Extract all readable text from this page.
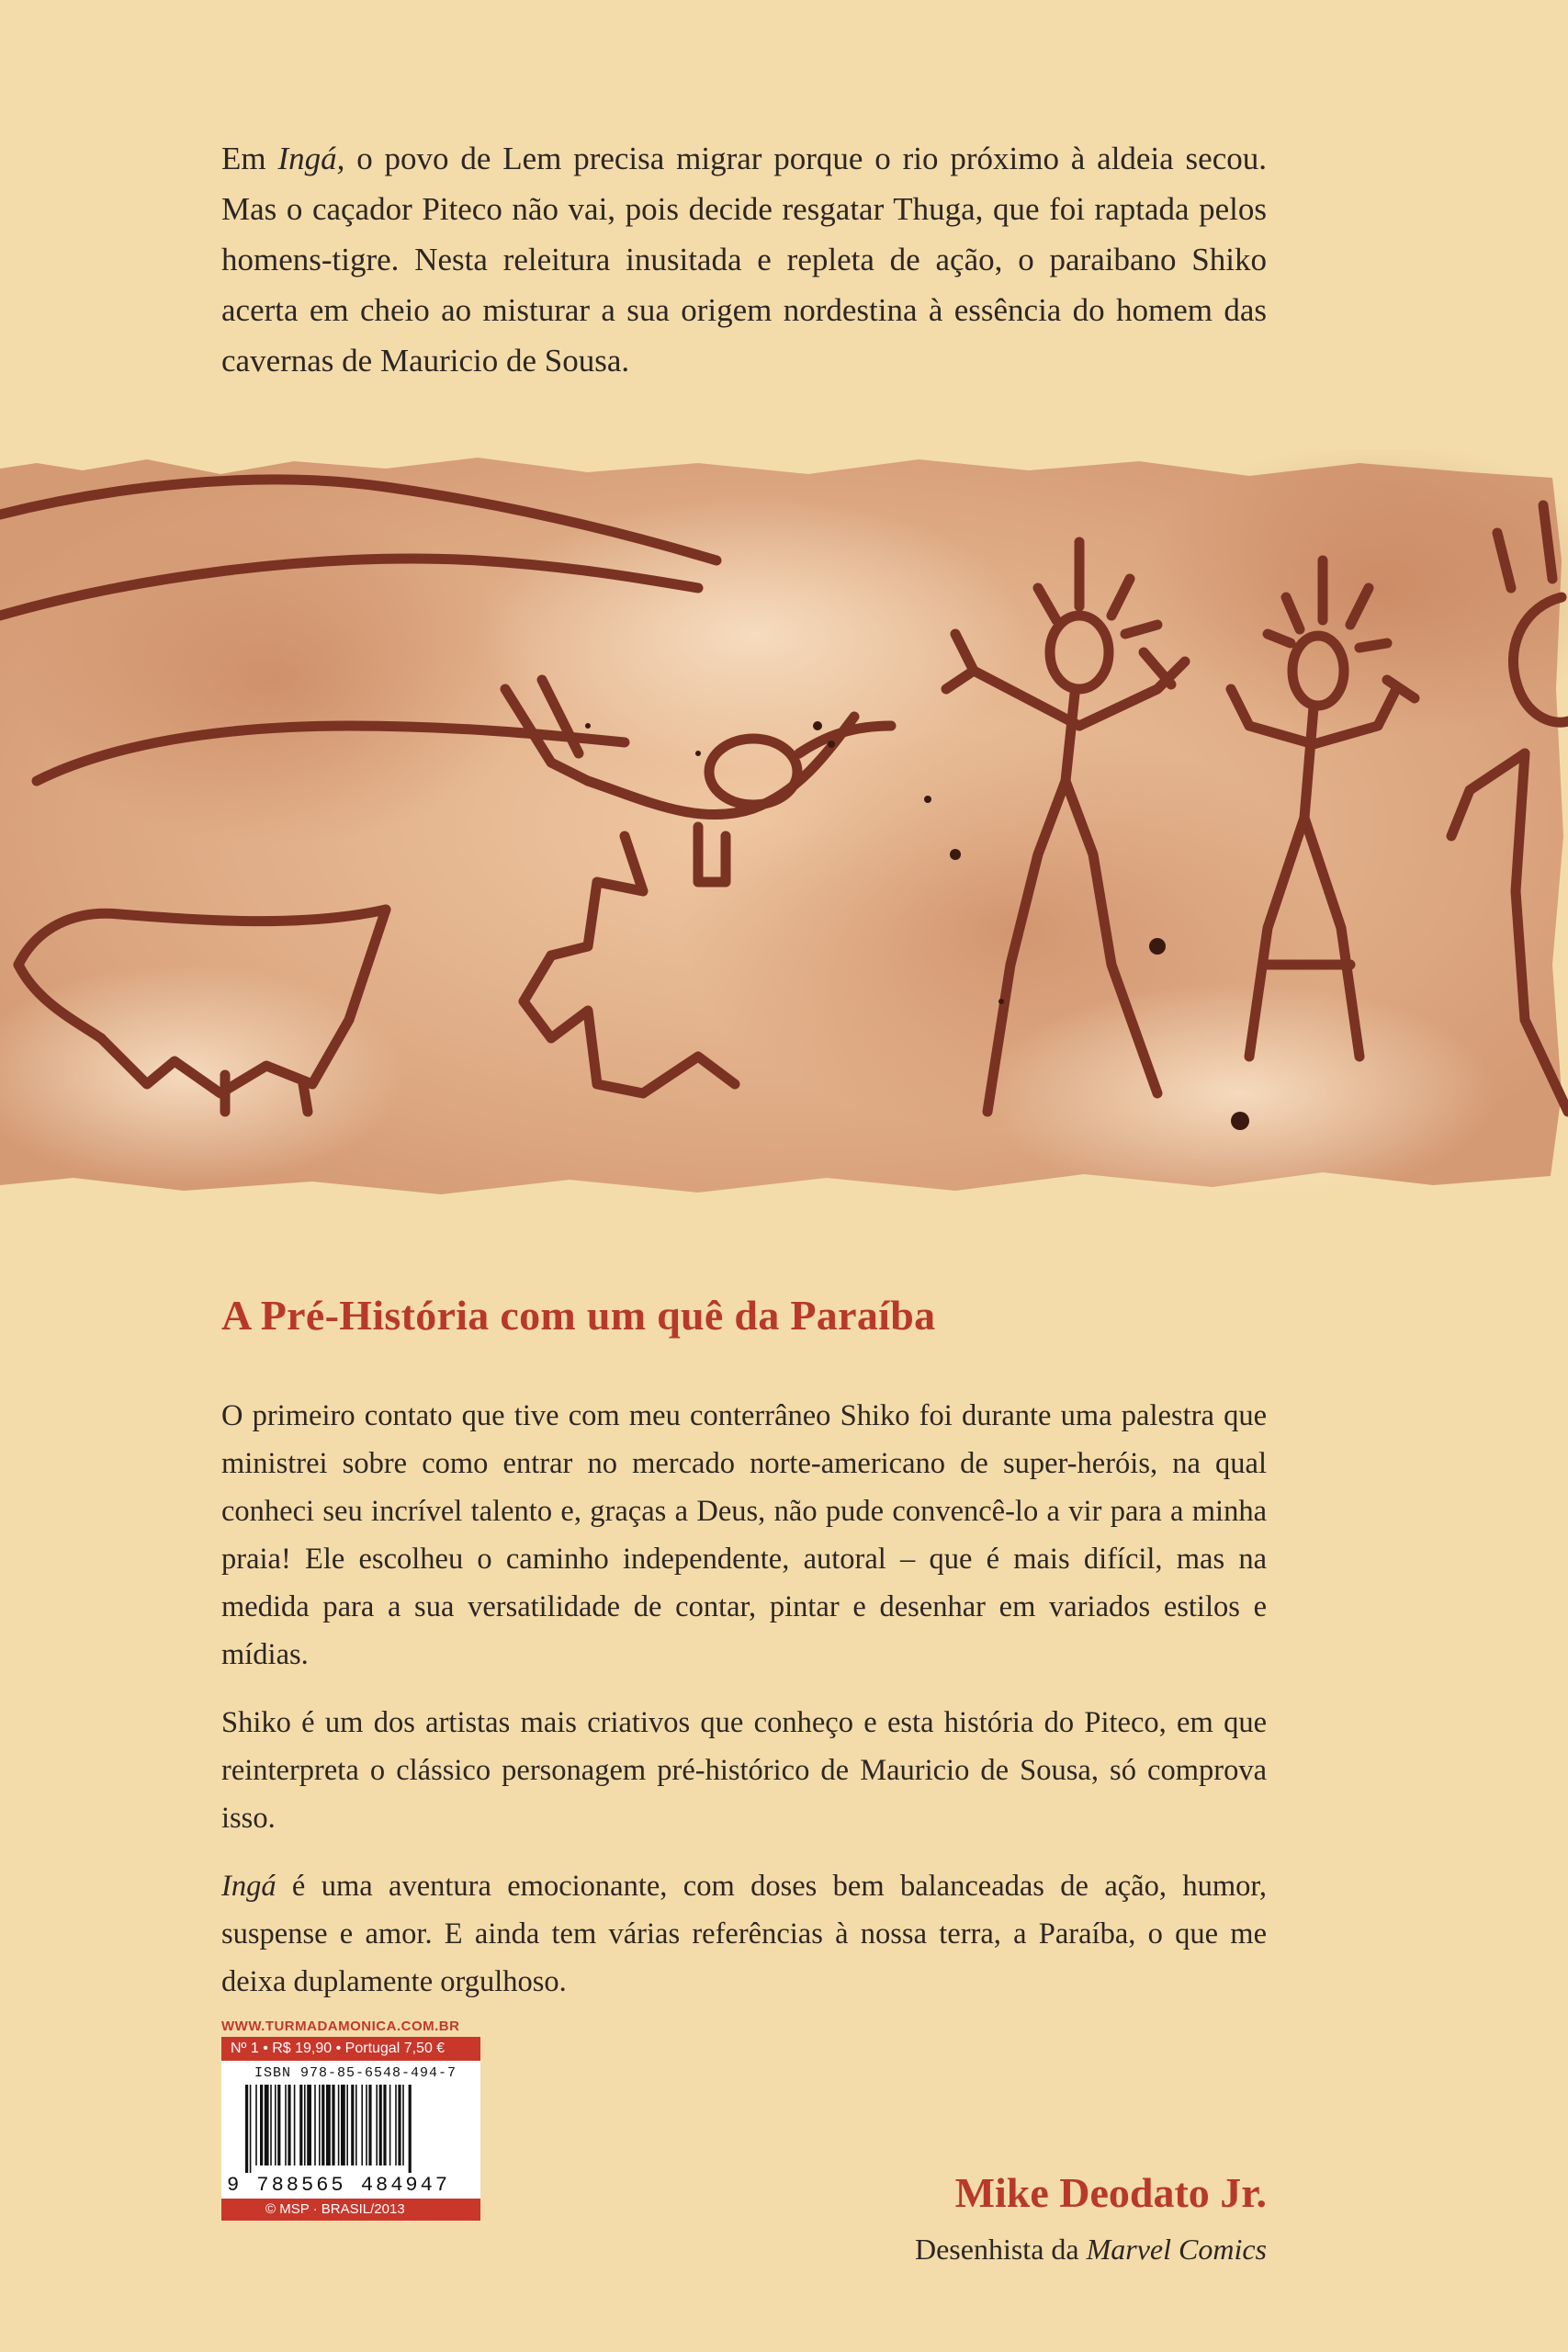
Em Ingá, o povo de Lem precisa migrar porque o rio próximo à aldeia secou. Mas o caçador Piteco não vai, pois decide resgatar Thuga, que foi raptada pelos homens-tigre. Nesta releitura inusitada e repleta de ação, o paraibano Shiko acerta em cheio ao misturar a sua origem nordestina à essência do homem das cavernas de Mauricio de Sousa.

A Pré-História com um quê da Paraíba

O primeiro contato que tive com meu conterrâneo Shiko foi durante uma palestra que ministrei sobre como entrar no mercado norte-americano de super-heróis, na qual conheci seu incrível talento e, graças a Deus, não pude convencê-lo a vir para a minha praia! Ele escolheu o caminho independente, autoral – que é mais difícil, mas na medida para a sua versatilidade de contar, pintar e desenhar em variados estilos e mídias.

Shiko é um dos artistas mais criativos que conheço e esta história do Piteco, em que reinterpreta o clássico personagem pré-histórico de Mauricio de Sousa, só comprova isso.

Ingá é uma aventura emocionante, com doses bem balanceadas de ação, humor, suspense e amor. E ainda tem várias referências à nossa terra, a Paraíba, o que me deixa duplamente orgulhoso.

WWW.TURMADAMONICA.COM.BR
Nº 1 • R$ 19,90 • Portugal 7,50 €
ISBN 978-85-6548-494-7
9 788565 484947
© MSP · BRASIL/2013	Mike Deodato Jr.
Desenhista da Marvel Comics
